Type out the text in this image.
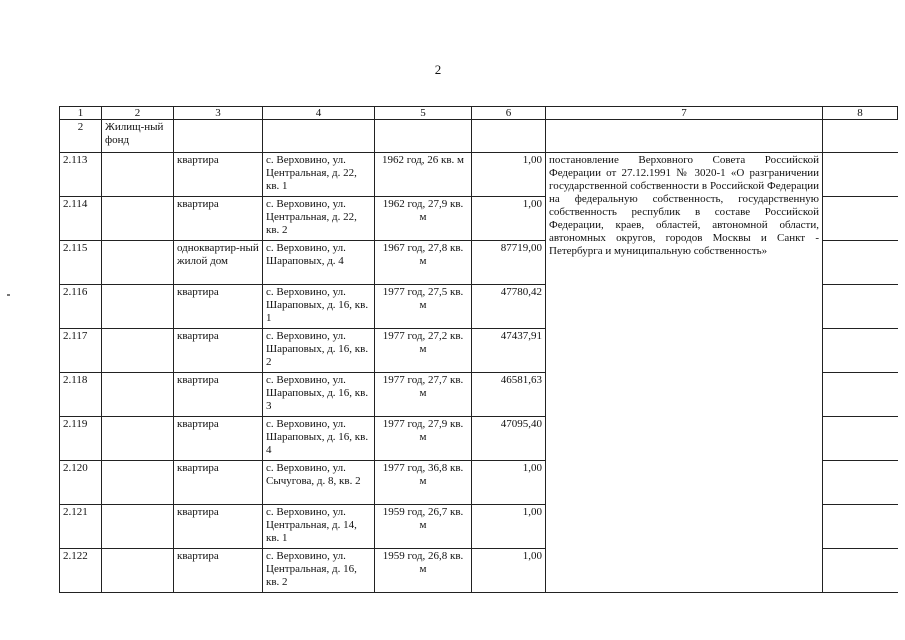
2
1	2	3	4	5	6	7	8
2	Жилищ-ный фонд						
2.113		квартира	с. Верховино, ул. Центральная, д. 22, кв. 1	1962 год, 26 кв. м	1,00	постановление Верховного Совета Российской Федерации от 27.12.1991 № 3020-1 «О разграничении государственной собственности в Российской Федерации на федеральную собственность, государственную собственность республик в составе Российской Федерации, краев, областей, автономной области, автономных округов, городов Москвы и Санкт - Петербурга и муниципальную собственность»	
2.114		квартира	с. Верховино, ул. Центральная, д. 22, кв. 2	1962 год, 27,9 кв. м	1,00		
2.115		одноквартир-ный жилой дом	с. Верховино, ул. Шараповых, д. 4	1967 год, 27,8 кв. м	87719,00		
2.116		квартира	с. Верховино, ул. Шараповых, д. 16, кв. 1	1977 год, 27,5 кв. м	47780,42		
2.117		квартира	с. Верховино, ул. Шараповых, д. 16, кв. 2	1977 год, 27,2 кв. м	47437,91		
2.118		квартира	с. Верховино, ул. Шараповых, д. 16, кв. 3	1977 год, 27,7 кв. м	46581,63		
2.119		квартира	с. Верховино, ул. Шараповых, д. 16, кв. 4	1977 год, 27,9 кв. м	47095,40		
2.120		квартира	с. Верховино, ул. Сычугова, д. 8, кв. 2	1977 год, 36,8 кв. м	1,00		
2.121		квартира	с. Верховино, ул. Центральная, д. 14, кв. 1	1959 год, 26,7 кв. м	1,00		
2.122		квартира	с. Верховино, ул. Центральная, д. 16, кв. 2	1959 год, 26,8 кв. м	1,00		
